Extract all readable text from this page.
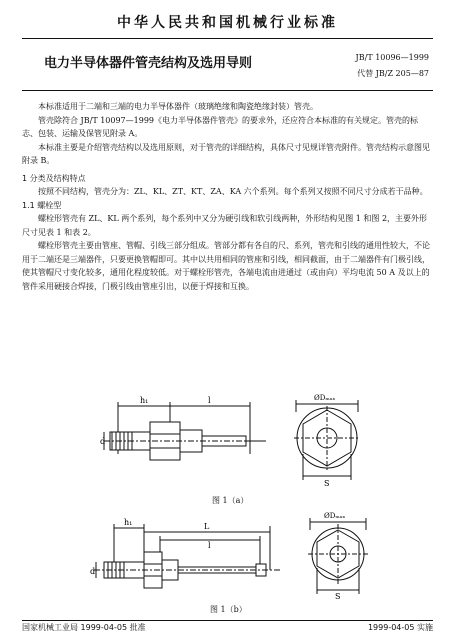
中华人民共和国机械行业标准
电力半导体器件管壳结构及选用导则	JB/T 10096—1999
代替 JB/Z 205—87

本标准适用于二端和三端的电力半导体器件（玻璃绝缘和陶瓷绝缘封装）管壳。

管壳除符合 JB/T 10097—1999《电力半导体器件管壳》的要求外，还应符合本标准的有关规定。管壳的标志、包装、运输及保管见附录 A。

本标准主要是介绍管壳结构以及选用原则，对于管壳的详细结构，具体尺寸见规详管壳附件。管壳结构示意图见附录 B。

1 分类及结构特点

按照不同结构，管壳分为：ZL、KL、ZT、KT、ZA、KA 六个系列。每个系列又按照不同尺寸分成若干品种。

1.1 螺栓型

螺栓形管壳有 ZL、KL 两个系列，每个系列中又分为硬引线和软引线两种，外形结构见图 1 和图 2，主要外形尺寸见表 1 和表 2。

螺栓形管壳主要由管座、管帽、引线三部分组成。管部分都有各自的尺、系列，管壳和引线的通用性较大，不论用于二端还是三端器件，只要更换管帽即可。其中以共用相同的管座和引线，相同截面，由于二端器件有门极引线，使其管帽尺寸变化较多，通用化程度较低。对于螺栓形管壳，各端电流由进通过（或由向）平均电流 50 A 及以上的管件采用硬接合焊接，门极引线由管座引出，以便于焊接和互换。

h₁	l
d
ØDₘₐₓ
S
图 1（a）
h₁	L
l
d
ØDₘₐₓ
S
图 1（b）
国家机械工业局 1999-04-05 批准	1999-04-05 实施
